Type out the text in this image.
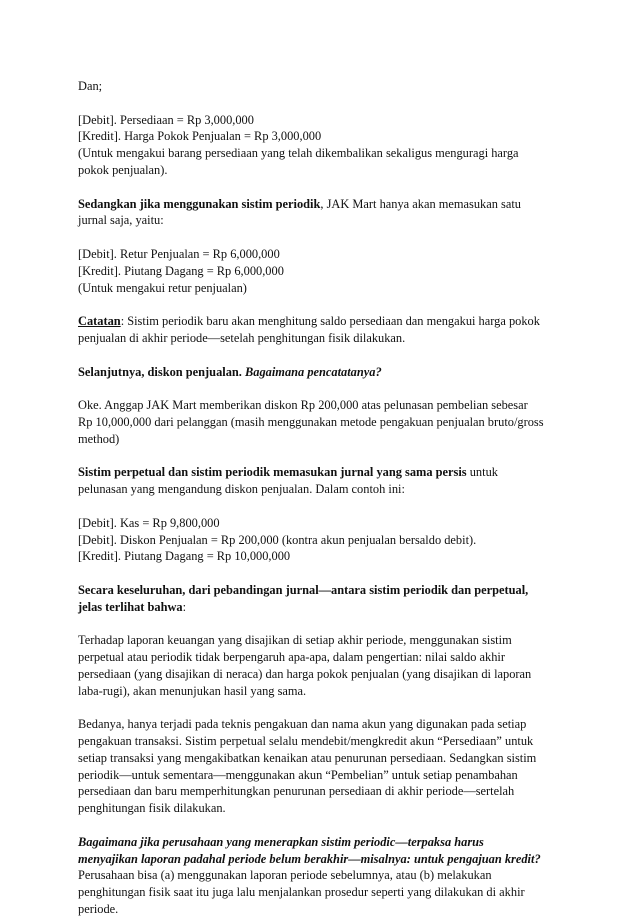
Dan;

[Debit]. Persediaan = Rp 3,000,000
[Kredit]. Harga Pokok Penjualan = Rp 3,000,000
(Untuk mengakui barang persediaan yang telah dikembalikan sekaligus menguragi harga
pokok penjualan).

Sedangkan jika menggunakan sistim periodik, JAK Mart hanya akan memasukan satu
jurnal saja, yaitu:

[Debit]. Retur Penjualan = Rp 6,000,000
[Kredit]. Piutang Dagang = Rp 6,000,000
(Untuk mengakui retur penjualan)

Catatan: Sistim periodik baru akan menghitung saldo persediaan dan mengakui harga pokok
penjualan di akhir periode—setelah penghitungan fisik dilakukan.

Selanjutnya, diskon penjualan. Bagaimana pencatatanya?

Oke. Anggap JAK Mart memberikan diskon Rp 200,000 atas pelunasan pembelian sebesar
Rp 10,000,000 dari pelanggan (masih menggunakan metode pengakuan penjualan bruto/gross
method)

Sistim perpetual dan sistim periodik memasukan jurnal yang sama persis untuk
pelunasan yang mengandung diskon penjualan. Dalam contoh ini:

[Debit]. Kas = Rp 9,800,000
[Debit]. Diskon Penjualan = Rp 200,000 (kontra akun penjualan bersaldo debit).
[Kredit]. Piutang Dagang = Rp 10,000,000

Secara keseluruhan, dari pebandingan jurnal—antara sistim periodik dan perpetual,
jelas terlihat bahwa:

Terhadap laporan keuangan yang disajikan di setiap akhir periode, menggunakan sistim
perpetual atau periodik tidak berpengaruh apa-apa, dalam pengertian: nilai saldo akhir
persediaan (yang disajikan di neraca) dan harga pokok penjualan (yang disajikan di laporan
laba-rugi), akan menunjukan hasil yang sama.

Bedanya, hanya terjadi pada teknis pengakuan dan nama akun yang digunakan pada setiap
pengakuan transaksi. Sistim perpetual selalu mendebit/mengkredit akun “Persediaan” untuk
setiap transaksi yang mengakibatkan kenaikan atau penurunan persediaan. Sedangkan sistim
periodik—untuk sementara—menggunakan akun “Pembelian” untuk setiap penambahan
persediaan dan baru memperhitungkan penurunan persediaan di akhir periode—sertelah
penghitungan fisik dilakukan.

Bagaimana jika perusahaan yang menerapkan sistim periodic—terpaksa harus
menyajikan laporan padahal periode belum berakhir—misalnya: untuk pengajuan kredit?
Perusahaan bisa (a) menggunakan laporan periode sebelumnya, atau (b) melakukan
penghitungan fisik saat itu juga lalu menjalankan prosedur seperti yang dilakukan di akhir
periode.
